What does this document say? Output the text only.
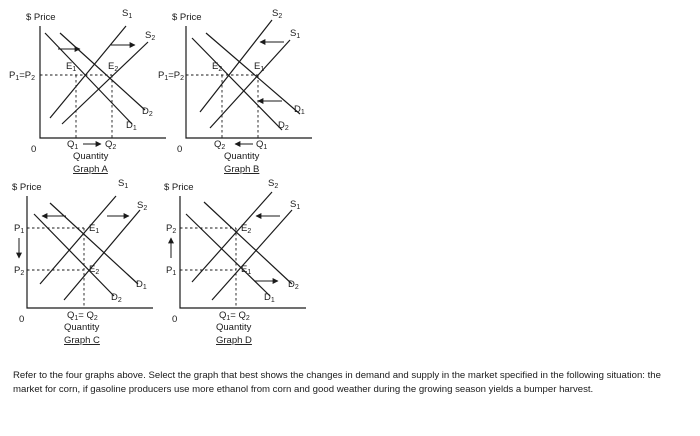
$ Price
0
$E_1$	$E_2$
$P_1=P_2$
$Q_1$	$Q_2$
$S_1$
$S_2$
$D_1$
$D_2$
Quantity
Graph A
$ Price
0
$E_2$	$E_1$
$P_1=P_2$
$Q_2$	$Q_1$
$S_2$
$S_1$
$D_1$
$D_2$
Quantity
Graph B
$ Price
0
$E_1$
$E_2$
$P_1$
$P_2$
$Q_1= Q_2$
$S_1$
$S_2$
$D_1$
$D_2$
Quantity
Graph C
$ Price
0
$E_2$
$E_1$
$P_2$
$P_1$
$Q_1= Q_2$
$S_2$
$S_1$
$D_2$
$D_1$
Quantity
Graph D

Refer to the four graphs above. Select the graph that best shows the changes in demand and supply in the market specified in the following situation: the market for corn, if gasoline producers use more ethanol from corn and good weather during the growing season yields a bumper harvest.
